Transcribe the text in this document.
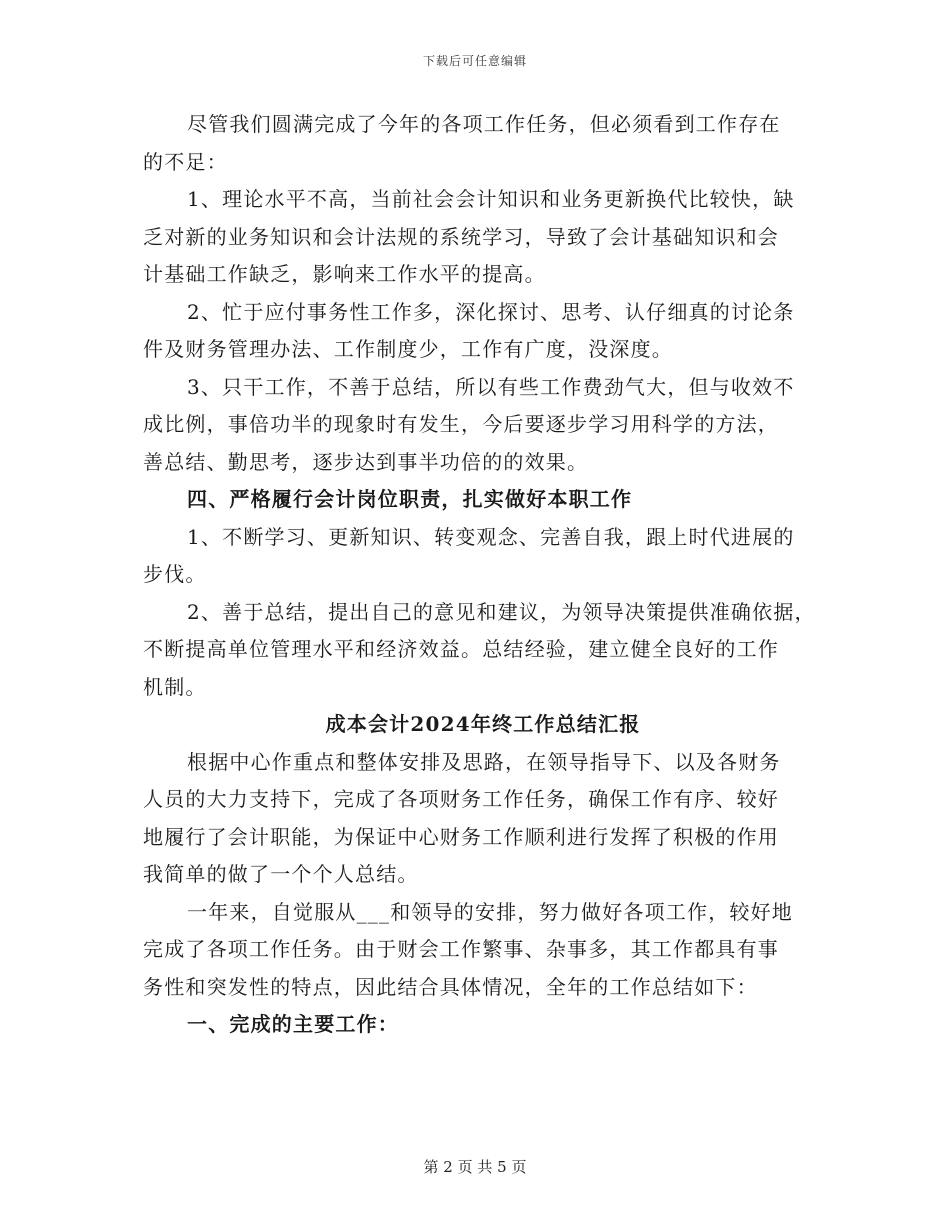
下载后可任意编辑
尽管我们圆满完成了今年的各项工作任务，但必须看到工作存在
的不足：
1、理论水平不高，当前社会会计知识和业务更新换代比较快，缺
乏对新的业务知识和会计法规的系统学习，导致了会计基础知识和会
计基础工作缺乏，影响来工作水平的提高。
2、忙于应付事务性工作多，深化探讨、思考、认仔细真的讨论条
件及财务管理办法、工作制度少，工作有广度，没深度。
3、只干工作，不善于总结，所以有些工作费劲气大，但与收效不
成比例，事倍功半的现象时有发生，今后要逐步学习用科学的方法，
善总结、勤思考，逐步达到事半功倍的的效果。
四、严格履行会计岗位职责，扎实做好本职工作
1、不断学习、更新知识、转变观念、完善自我，跟上时代进展的
步伐。
2、善于总结，提出自己的意见和建议，为领导决策提供准确依据，
不断提高单位管理水平和经济效益。总结经验，建立健全良好的工作
机制。
成本会计2024年终工作总结汇报
根据中心作重点和整体安排及思路，在领导指导下、以及各财务
人员的大力支持下，完成了各项财务工作任务，确保工作有序、较好
地履行了会计职能，为保证中心财务工作顺利进行发挥了积极的作用
我简单的做了一个个人总结。
一年来，自觉服从___和领导的安排，努力做好各项工作，较好地
完成了各项工作任务。由于财会工作繁事、杂事多，其工作都具有事
务性和突发性的特点，因此结合具体情况，全年的工作总结如下：
一、完成的主要工作：
第 2 页 共 5 页
